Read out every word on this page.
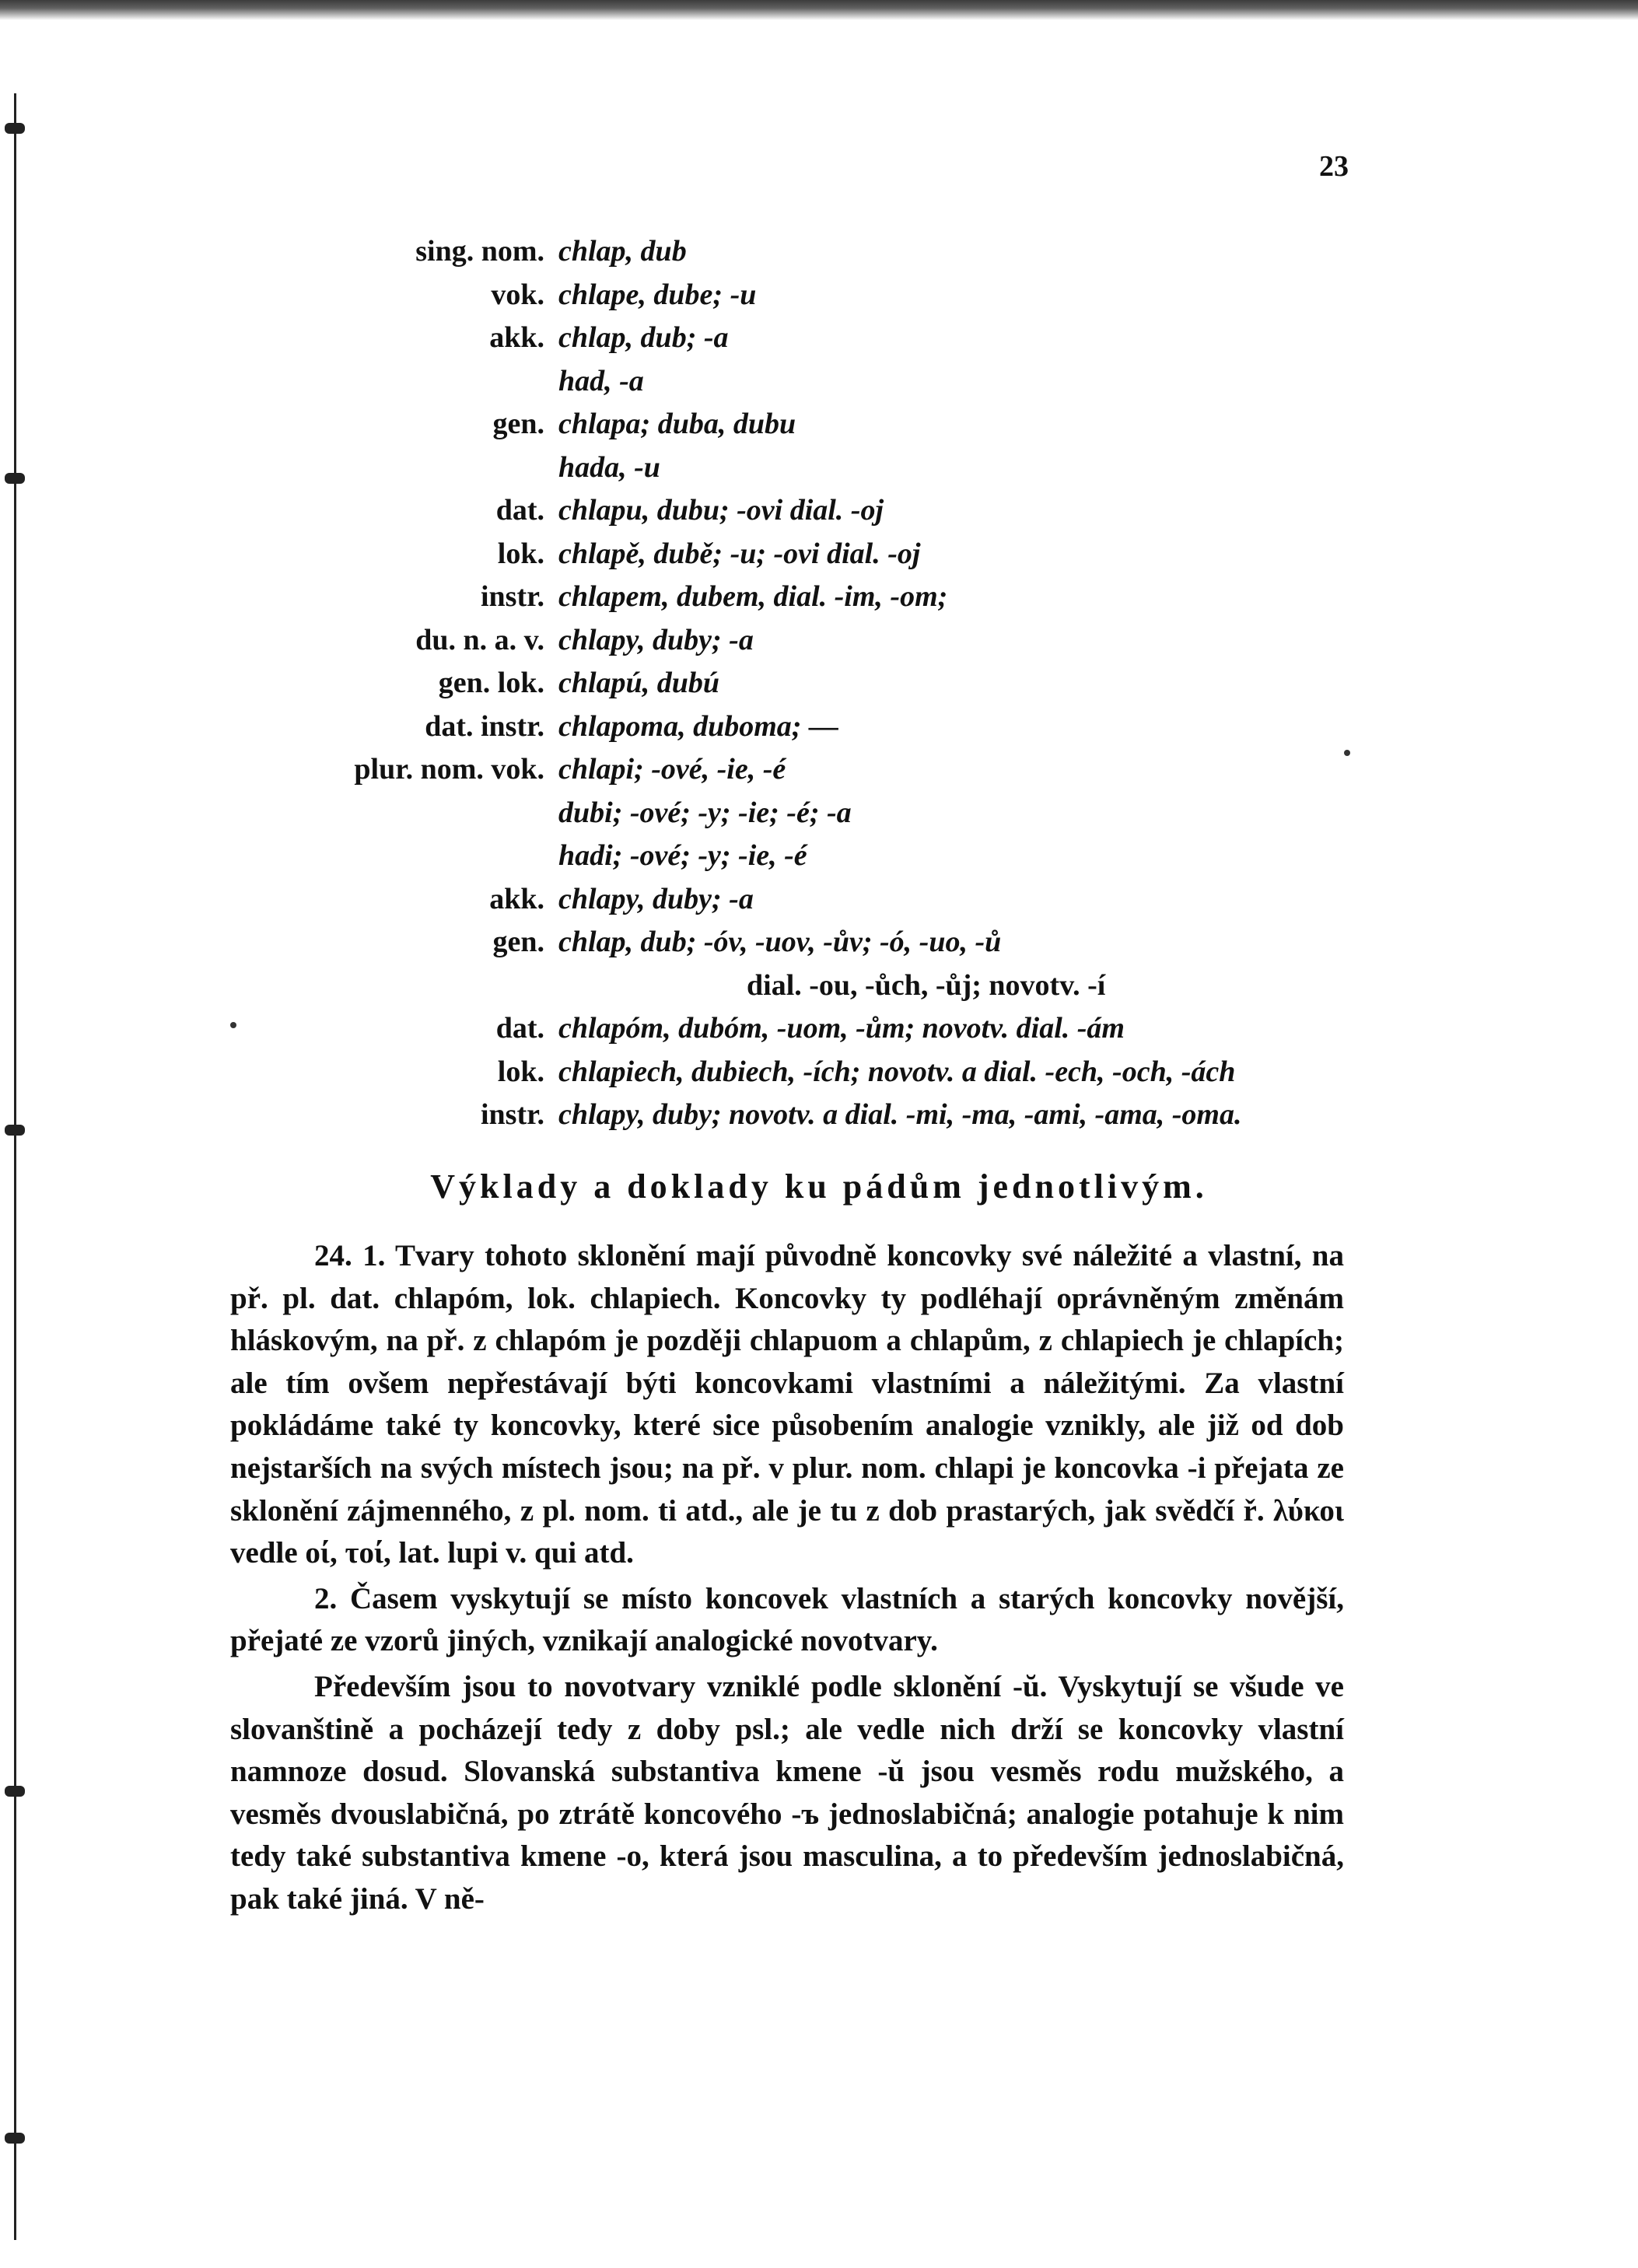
23
sing. nom. chlap, dub
vok. chlape, dube; -u
akk. chlap, dub; -a
had, -a
gen. chlapa; duba, dubu
hada, -u
dat. chlapu, dubu; -ovi dial. -oj
lok. chlapě, dubě; -u; -ovi dial. -oj
instr. chlapem, dubem, dial. -im, -om;
du. n. a. v. chlapy, duby; -a
gen. lok. chlapú, dubú
dat. instr. chlapoma, duboma; —
plur. nom. vok. chlapi; -ové, -ie, -é
dubi; -ové; -y; -ie; -é; -a
hadi; -ové; -y; -ie, -é
akk. chlapy, duby; -a
gen. chlap, dub; -óv, -uov, -ův; -ó, -uo, -ů
dial. -ou, -ůch, -ůj; novotv. -í
dat. chlapóm, dubóm, -uom, -ům; novotv. dial. -ám
lok. chlapiech, dubiech, -ích; novotv. a dial. -ech, -och, -ách
instr. chlapy, duby; novotv. a dial. -mi, -ma, -ami, -ama, -oma.
Výklady a doklady ku pádům jednotlivým.

24. 1. Tvary tohoto sklonění mají původně koncovky své náležité a vlastní, na př. pl. dat. chlapóm, lok. chlapiech. Koncovky ty podléhají oprávněným změnám hláskovým, na př. z chlapóm je později chlapuom a chlapům, z chlapiech je chlapích; ale tím ovšem nepřestávají býti koncovkami vlastními a náležitými. Za vlastní pokládáme také ty koncovky, které sice působením analogie vznikly, ale již od dob nejstarších na svých místech jsou; na př. v plur. nom. chlapi je koncovka -i přejata ze sklonění zájmenného, z pl. nom. ti atd., ale je tu z dob prastarých, jak svědčí ř. λύκοι vedle οί, τοί, lat. lupi v. qui atd.

2. Časem vyskytují se místo koncovek vlastních a starých koncovky novější, přejaté ze vzorů jiných, vznikají analogické novotvary.

Především jsou to novotvary vzniklé podle sklonění -ŭ. Vyskytují se všude ve slovanštině a pocházejí tedy z doby psl.; ale vedle nich drží se koncovky vlastní namnoze dosud. Slovanská substantiva kmene -ŭ jsou vesměs rodu mužského, a vesměs dvouslabičná, po ztrátě koncového -ъ jednoslabičná; analogie potahuje k nim tedy také substantiva kmene -o, která jsou masculina, a to především jednoslabičná, pak také jiná. V ně-
